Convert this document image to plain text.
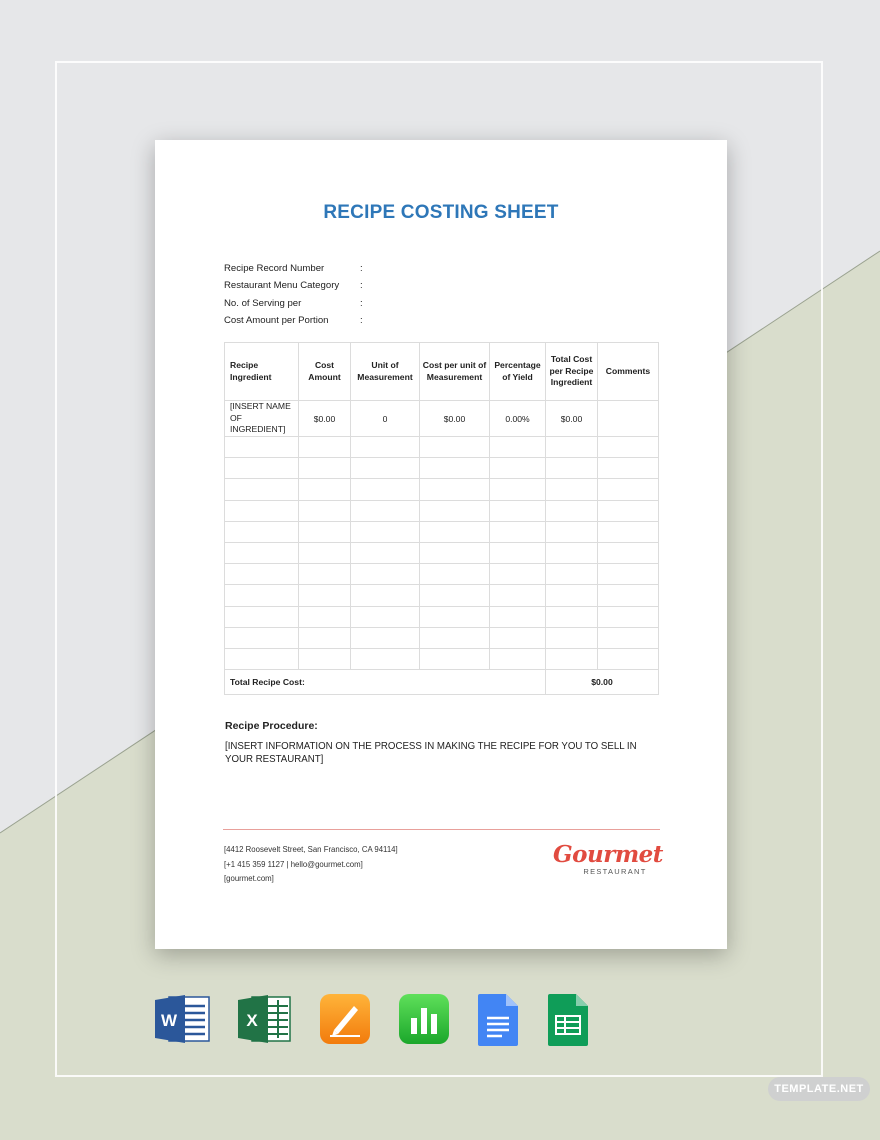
RECIPE COSTING SHEET
Recipe Record Number	:
Restaurant Menu Category	:
No. of Serving per	:
Cost Amount per Portion	:
Recipe Ingredient	Cost Amount	Unit of Measurement	Cost per unit of Measurement	Percentage of Yield	Total Cost per Recipe Ingredient	Comments
[INSERT NAME OF INGREDIENT]	$0.00	0	$0.00	0.00%	$0.00	

Total Recipe Cost:					$0.00	
Recipe Procedure:
[INSERT INFORMATION ON THE PROCESS IN MAKING THE RECIPE FOR YOU TO SELL IN YOUR RESTAURANT]
[4412 Roosevelt Street, San Francisco, CA 94114]
[+1 415 359 1127 | hello@gourmet.com]
[gourmet.com]
Gourmet
RESTAURANT
W	X
TEMPLATE.NET
